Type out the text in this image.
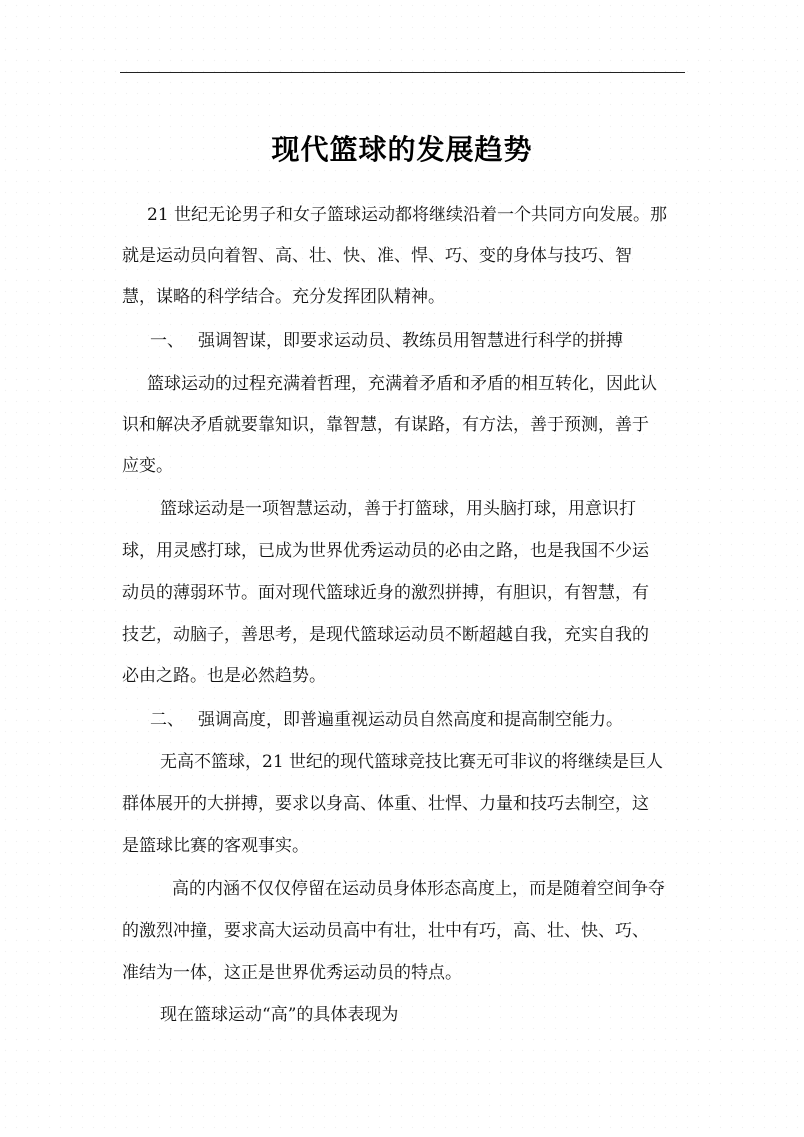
现代篮球的发展趋势
21 世纪无论男子和女子篮球运动都将继续沿着一个共同方向发展。那
就是运动员向着智、高、壮、快、准、悍、巧、变的身体与技巧、智
慧，谋略的科学结合。充分发挥团队精神。
一、 强调智谋，即要求运动员、教练员用智慧进行科学的拼搏
篮球运动的过程充满着哲理，充满着矛盾和矛盾的相互转化，因此认
识和解决矛盾就要靠知识，靠智慧，有谋路，有方法，善于预测，善于
应变。
篮球运动是一项智慧运动，善于打篮球，用头脑打球，用意识打
球，用灵感打球，已成为世界优秀运动员的必由之路，也是我国不少运
动员的薄弱环节。面对现代篮球近身的激烈拼搏，有胆识，有智慧，有
技艺，动脑子，善思考，是现代篮球运动员不断超越自我，充实自我的
必由之路。也是必然趋势。
二、 强调高度，即普遍重视运动员自然高度和提高制空能力。
无高不篮球，21 世纪的现代篮球竞技比赛无可非议的将继续是巨人
群体展开的大拼搏，要求以身高、体重、壮悍、力量和技巧去制空，这
是篮球比赛的客观事实。
高的内涵不仅仅停留在运动员身体形态高度上，而是随着空间争夺
的激烈冲撞，要求高大运动员高中有壮，壮中有巧，高、壮、快、巧、
准结为一体，这正是世界优秀运动员的特点。
现在篮球运动“高”的具体表现为
